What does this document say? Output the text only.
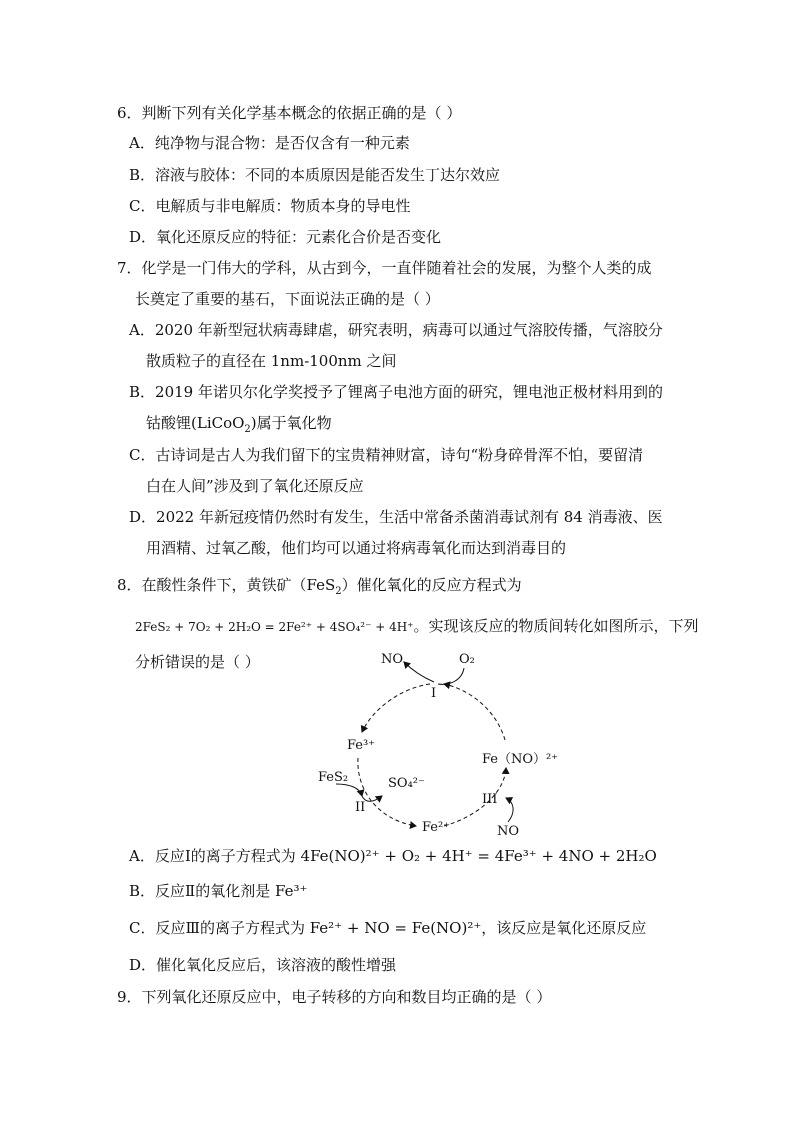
6．判断下列有关化学基本概念的依据正确的是（ ）
A．纯净物与混合物：是否仅含有一种元素
B．溶液与胶体：不同的本质原因是能否发生丁达尔效应
C．电解质与非电解质：物质本身的导电性
D．氧化还原反应的特征：元素化合价是否变化
7．化学是一门伟大的学科，从古到今，一直伴随着社会的发展，为整个人类的成
长奠定了重要的基石，下面说法正确的是（ ）
A．2020 年新型冠状病毒肆虐，研究表明，病毒可以通过气溶胶传播，气溶胶分
散质粒子的直径在 1nm-100nm 之间
B．2019 年诺贝尔化学奖授予了锂离子电池方面的研究，锂电池正极材料用到的
钴酸锂(LiCoO$_2$)属于氧化物
C．古诗词是古人为我们留下的宝贵精神财富，诗句“粉身碎骨浑不怕，要留清
白在人间”涉及到了氧化还原反应
D．2022 年新冠疫情仍然时有发生，生活中常备杀菌消毒试剂有 84 消毒液、医
用酒精、过氧乙酸，他们均可以通过将病毒氧化而达到消毒目的
8．在酸性条件下，黄铁矿（FeS$_2$）催化氧化的反应方程式为
2FeS₂ + 7O₂ + 2H₂O = 2Fe²⁺ + 4SO₄²⁻ + 4H⁺。实现该反应的物质间转化如图所示，下列
分析错误的是（ ）	NO	O₂
I
Fe³⁺
Fe（NO）²⁺
FeS₂	SO₄²⁻
II
III
Fe²⁺	NO
A．反应Ⅰ的离子方程式为 4Fe(NO)²⁺ + O₂ + 4H⁺ = 4Fe³⁺ + 4NO + 2H₂O
B．反应Ⅱ的氧化剂是 Fe³⁺
C．反应Ⅲ的离子方程式为 Fe²⁺ + NO = Fe(NO)²⁺，该反应是氧化还原反应
D．催化氧化反应后，该溶液的酸性增强
9．下列氧化还原反应中，电子转移的方向和数目均正确的是（ ）
